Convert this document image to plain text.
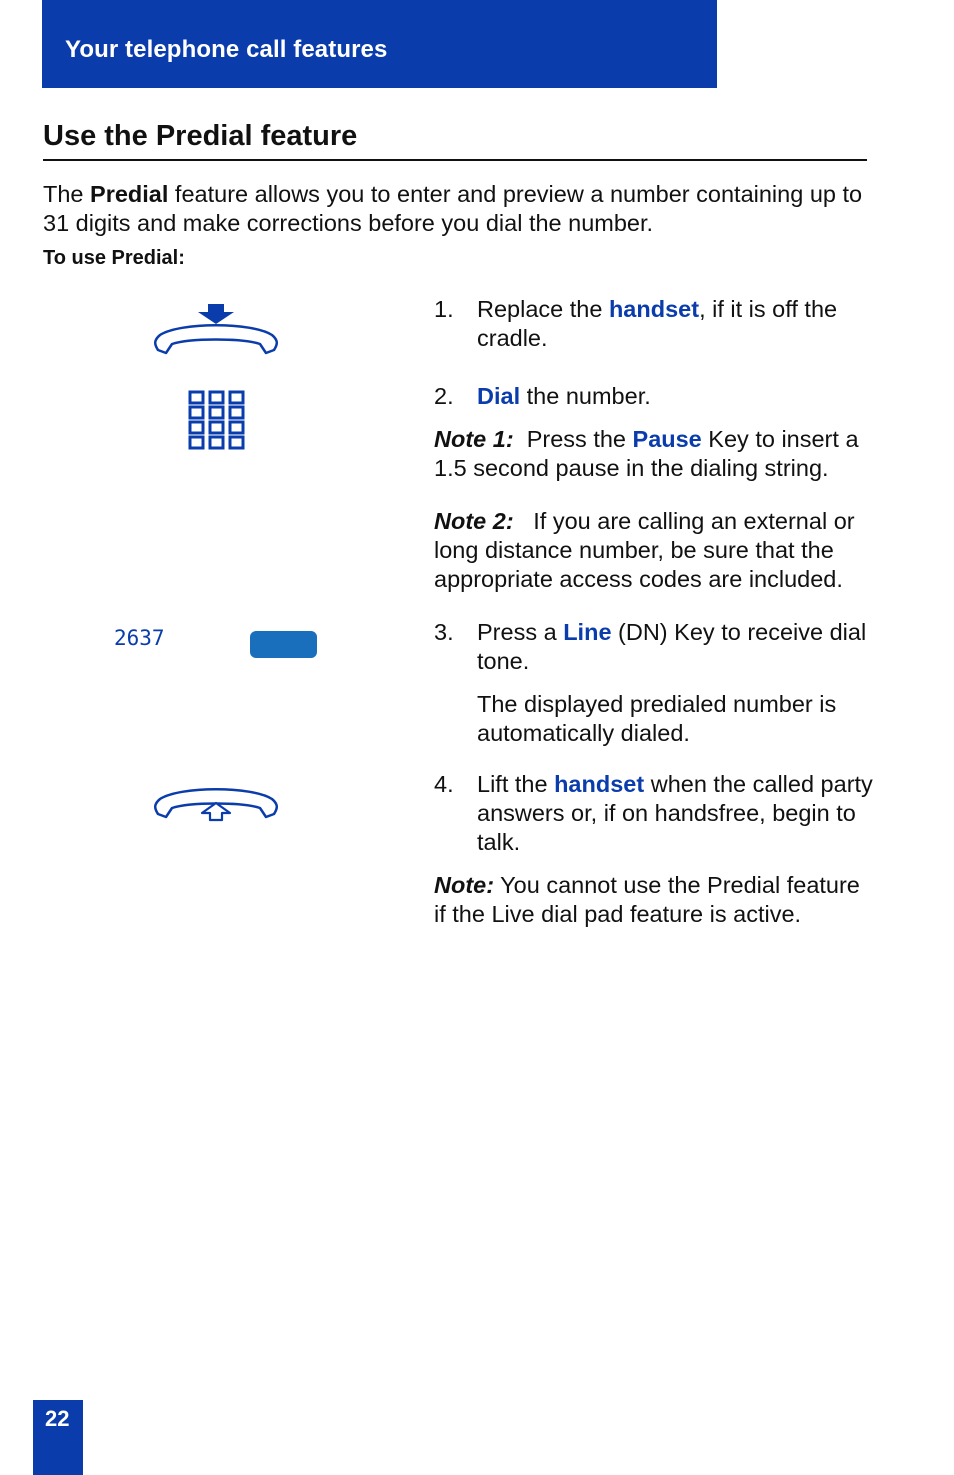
Your telephone call features
Use the Predial feature
The Predial feature allows you to enter and preview a number containing up to 31 digits and make corrections before you dial the number.
To use Predial:
2637
1. Replace the handset, if it is off the cradle.
2. Dial the number.
Note 1:  Press the Pause Key to insert a 1.5 second pause in the dialing string.
Note 2:   If you are calling an external or long distance number, be sure that the appropriate access codes are included.
3. Press a Line (DN) Key to receive dial tone.
The displayed predialed number is automatically dialed.
4. Lift the handset when the called party answers or, if on handsfree, begin to talk.
Note: You cannot use the Predial feature if the Live dial pad feature is active.
22
